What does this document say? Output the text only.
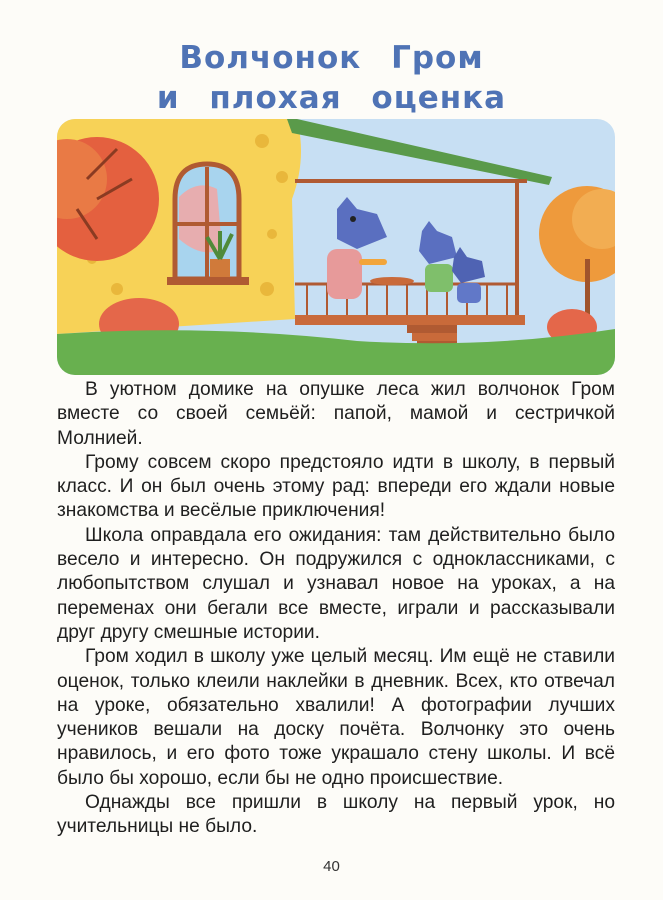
Волчонок Гром
и плохая оценка

В уютном домике на опушке леса жил волчонок Гром вместе со своей семьёй: папой, мамой и сестричкой Молнией.

Грому совсем скоро предстояло идти в школу, в первый класс. И он был очень этому рад: впереди его ждали новые знакомства и весёлые приключения!

Школа оправдала его ожидания: там действительно было весело и интересно. Он подружился с одноклассниками, с любопытством слушал и узнавал новое на уроках, а на переменах они бегали все вместе, играли и рассказывали друг другу смешные истории.

Гром ходил в школу уже целый месяц. Им ещё не ставили оценок, только клеили наклейки в дневник. Всех, кто отвечал на уроке, обязательно хвалили! А фотографии лучших учеников вешали на доску почёта. Волчонку это очень нравилось, и его фото тоже украшало стену школы. И всё было бы хорошо, если бы не одно происшествие.

Однажды все пришли в школу на первый урок, но учительницы не было.

40
